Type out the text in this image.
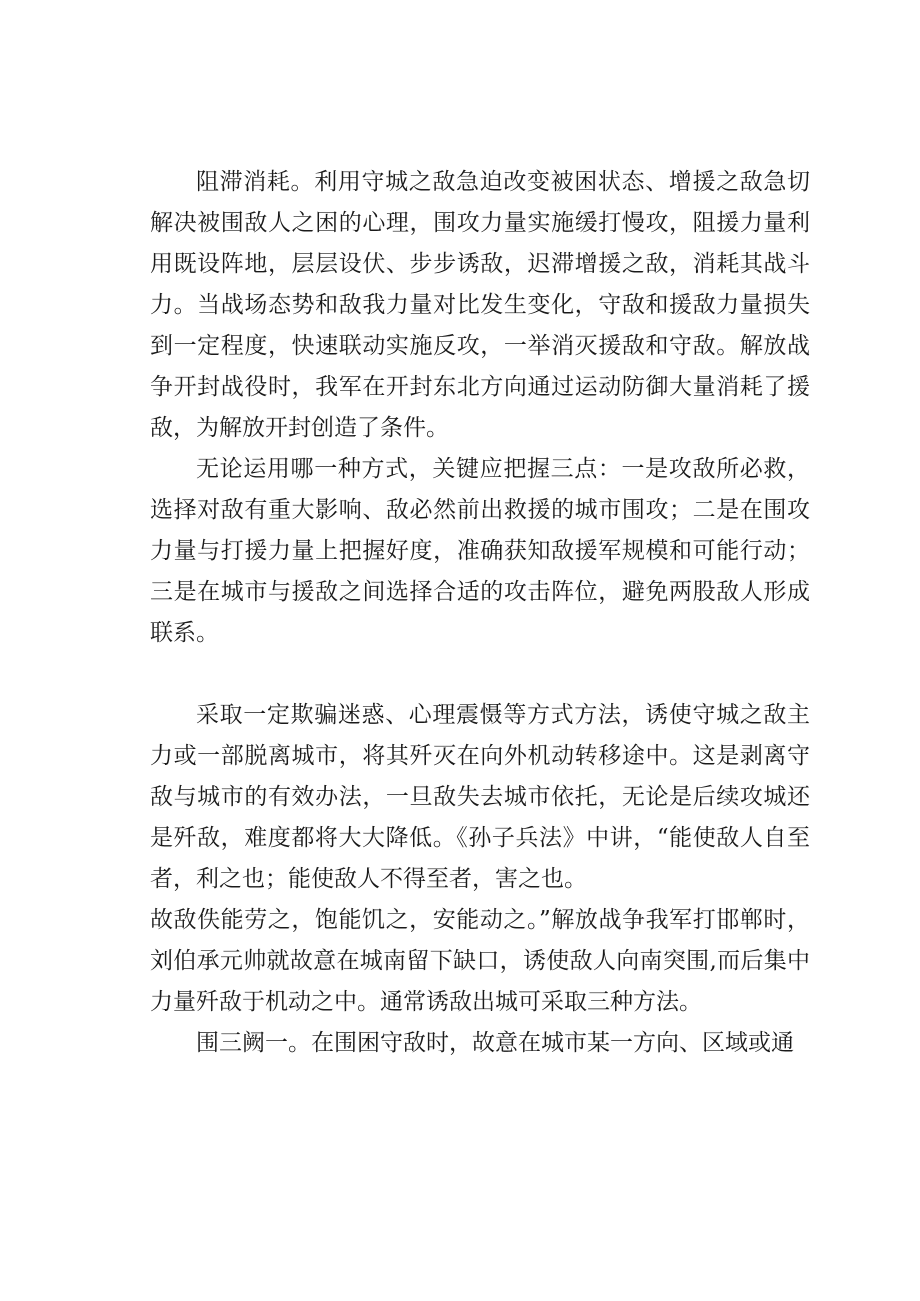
阻滞消耗。利用守城之敌急迫改变被困状态、增援之敌急切解决被围敌人之困的心理，围攻力量实施缓打慢攻，阻援力量利用既设阵地，层层设伏、步步诱敌，迟滞增援之敌，消耗其战斗力。当战场态势和敌我力量对比发生变化，守敌和援敌力量损失到一定程度，快速联动实施反攻，一举消灭援敌和守敌。解放战争开封战役时，我军在开封东北方向通过运动防御大量消耗了援敌，为解放开封创造了条件。

无论运用哪一种方式，关键应把握三点：一是攻敌所必救，选择对敌有重大影响、敌必然前出救援的城市围攻；二是在围攻力量与打援力量上把握好度，准确获知敌援军规模和可能行动；三是在城市与援敌之间选择合适的攻击阵位，避免两股敌人形成联系。

采取一定欺骗迷惑、心理震慑等方式方法，诱使守城之敌主力或一部脱离城市，将其歼灭在向外机动转移途中。这是剥离守敌与城市的有效办法，一旦敌失去城市依托，无论是后续攻城还是歼敌，难度都将大大降低。《孙子兵法》中讲，“能使敌人自至者，利之也；能使敌人不得至者，害之也。

故敌佚能劳之，饱能饥之，安能动之。”解放战争我军打邯郸时，刘伯承元帅就故意在城南留下缺口，诱使敌人向南突围,而后集中力量歼敌于机动之中。通常诱敌出城可采取三种方法。

围三阙一。在围困守敌时，故意在城市某一方向、区域或通
